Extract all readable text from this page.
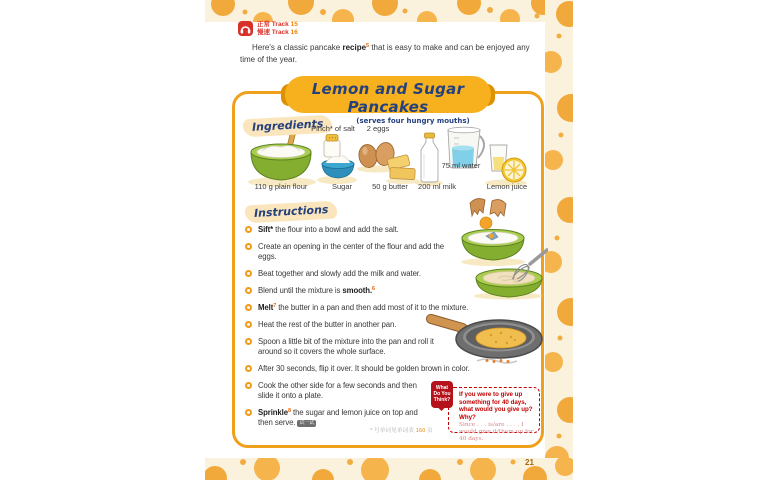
正常 Track 15
慢速 Track 16
Here's a classic pancake recipe$^5$ that is easy to make and can be enjoyed any time of the year.
Lemon and Sugar Pancakes
(serves four hungry mouths)
Ingredients
Pinch* of salt 2 eggs
75 ml water
110 g plain flour	Sugar	50 g butter 200 ml milk	Lemon juice
Instructions
Sift* the flour into a bowl and add the salt.
Create an opening in the center of the flour and add the eggs.
Beat together and slowly add the milk and water.
Blend until the mixture is smooth.$^6$
Melt$^7$ the butter in a pan and then add most of it to the mixture.
Heat the rest of the butter in another pan.
Spoon a little bit of the mixture into the pan and roll it around so it covers the whole surface.
After 30 seconds, flip it over. It should be golden brown in color.
Cook the other side for a few seconds and then slide it onto a plate.
Sprinkle$^8$ the sugar and lemon juice on top and then serve. 试一试
What
Do You
Think?
If you were to give up something for 40 days, what would you give up? Why?
Since . . . is/are . . . , I would give it/them up for 40 days.
* 号单词见单词表 160 页
21
